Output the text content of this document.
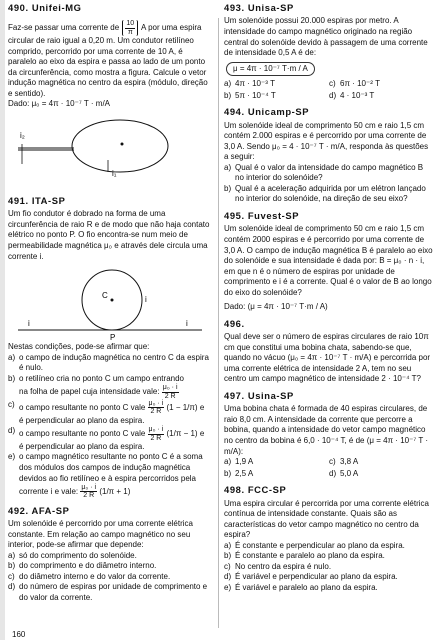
490. Unifei-MG

Faz-se passar uma corrente de $\frac{10}{\pi}$ A por uma espira

circular de raio igual a 0,20 m. Um condutor retilíneo comprido, percorrido por uma corrente de 10 A, é paralelo ao eixo da espira e passa ao lado de um ponto da circunferência, como mostra a figura. Calcule o vetor indução magnética no centro da espira (módulo, direção e sentido).

Dado: μ₀ = 4π · 10⁻⁷ T · m/A

i₂
i₁
491. ITA-SP

Um fio condutor é dobrado na forma de uma circunferência de raio R e de modo que não haja contato elétrico no ponto P. O fio encontra-se num meio de permeabilidade magnética μ₀ e através dele circula uma corrente i.

C
P
i
i	i

Nestas condições, pode-se afirmar que:

a) o campo de indução magnética no centro C da espira é nulo.
b) o retilíneo cria no ponto C um campo entrando

na folha de papel cuja intensidade vale: $\frac{\text{μ₀ · i}}{2 R}$

c) o campo resultante no ponto C vale $\frac{\text{μ₀ · i}}{2 R} (1 - 1/\pi)$ e

é perpendicular ao plano da espira.

d) o campo resultante no ponto C vale $\frac{\text{μ₀ · i}}{2 R} (1/\pi - 1)$ e

é perpendicular ao plano da espira.

e) o campo magnético resultante no ponto C é a soma dos módulos dos campos de indução magnética devidos ao fio retilíneo e à espira percorridos pela

corrente i e vale: $\frac{\text{μ₀ · i}}{2 R} (1/\pi + 1)$

492. AFA-SP

Um solenóide é percorrido por uma corrente elétrica constante. Em relação ao campo magnético no seu interior, pode-se afirmar que depende:

a) só do comprimento do solenóide.
b) do comprimento e do diâmetro interno.
c) do diâmetro interno e do valor da corrente.
d) do número de espiras por unidade de comprimento e do valor da corrente.
493. Unisa-SP

Um solenóide possui 20.000 espiras por metro. A intensidade do campo magnético originado na região central do solenóide devido à passagem de uma corrente de intensidade 0,5 A é de:

μ = 4π · 10⁻⁷ T·m / A
a) 4π · 10⁻³ T	c) 6π · 10⁻² T
b) 5π · 10⁻⁴ T	d) 4 · 10⁻³ T
494. Unicamp-SP

Um solenóide ideal de comprimento 50 cm e raio 1,5 cm contém 2.000 espiras e é percorrido por uma corrente de 3,0 A. Sendo μ₀ = 4 · 10⁻⁷ T · m/A, responda às questões a seguir:

a) Qual é o valor da intensidade do campo magnético B no interior do solenóide?
b) Qual é a aceleração adquirida por um elétron lançado no interior do solenóide, na direção de seu eixo?
495. Fuvest-SP

Um solenóide ideal de comprimento 50 cm e raio 1,5 cm contém 2000 espiras e é percorrido por uma corrente de 3,0 A. O campo de indução magnética B é paralelo ao eixo do solenóide e sua intensidade é dada por: B = μ₀ · n · i, em que n é o número de espiras por unidade de comprimento e i é a corrente. Qual é o valor de B ao longo do eixo do solenóide?

Dado: (μ = 4π · 10⁻⁷ T·m / A)

496.

Qual deve ser o número de espiras circulares de raio 10π cm que constitui uma bobina chata, sabendo-se que, quando no vácuo (μ₀ = 4π · 10⁻⁷ T · m/A) e percorrida por uma corrente elétrica de intensidade 2 A, tem no seu centro um campo magnético de intensidade 2 · 10⁻⁴ T?

497. Usina-SP

Uma bobina chata é formada de 40 espiras circulares, de raio 8,0 cm. A intensidade da corrente que percorre a bobina, quando a intensidade do vetor campo magnético no centro da bobina é 6,0 · 10⁻⁴ T, é de (μ = 4π · 10⁻⁷ T · m/A):

a) 1,9 A	c) 3,8 A
b) 2,5 A	d) 5,0 A
498. FCC-SP

Uma espira circular é percorrida por uma corrente elétrica contínua de intensidade constante. Quais são as características do vetor campo magnético no centro da espira?

a) É constante e perpendicular ao plano da espira.
b) É constante e paralelo ao plano da espira.
c) No centro da espira é nulo.
d) É variável e perpendicular ao plano da espira.
e) É variável e paralelo ao plano da espira.
160
